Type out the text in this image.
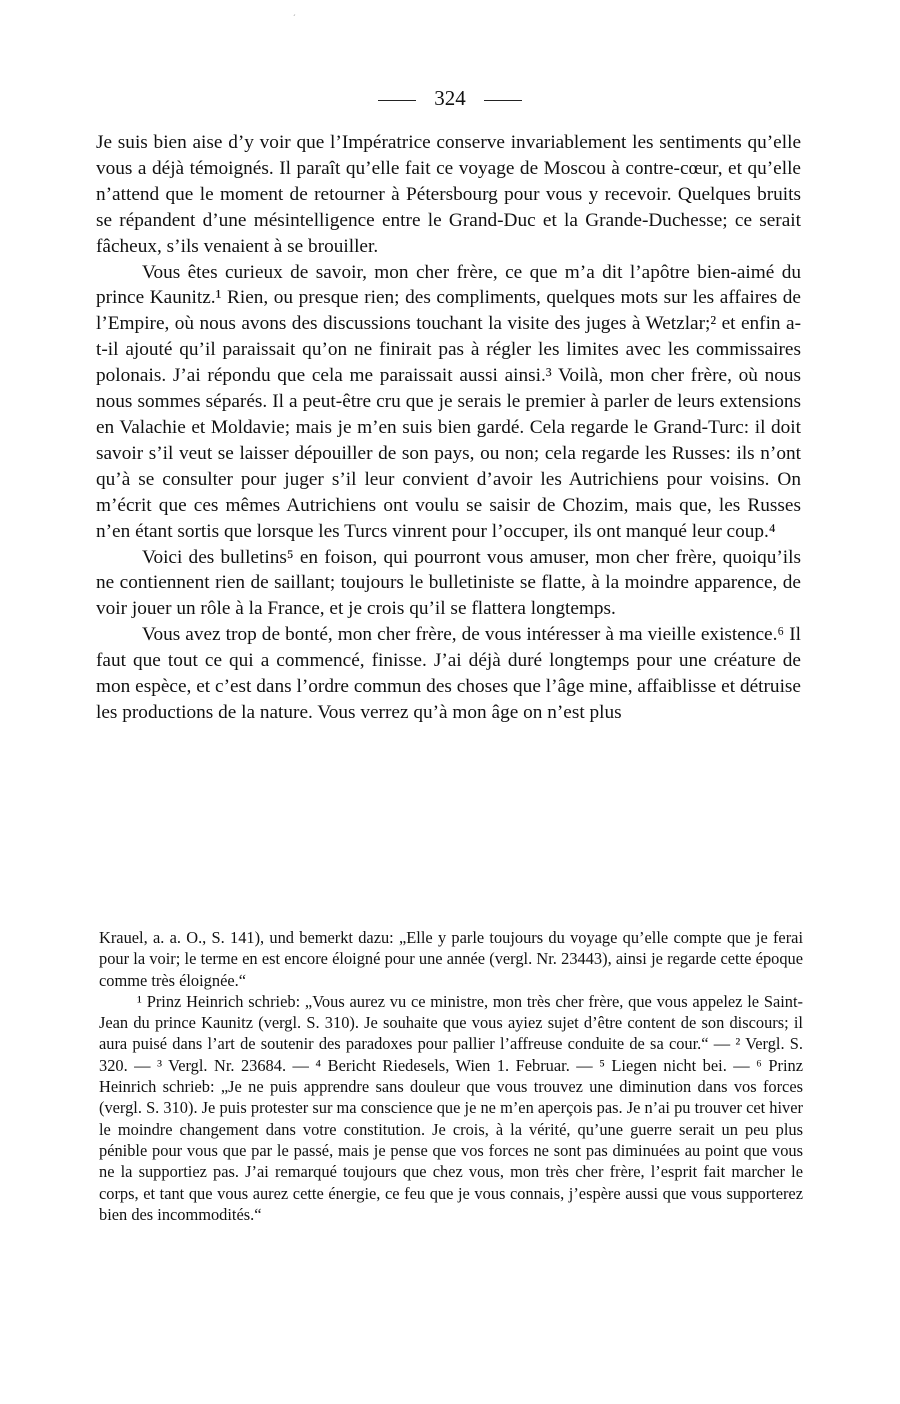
ˊ
324

Je suis bien aise d’y voir que l’Impératrice conserve invariablement les sentiments qu’elle vous a déjà témoignés. Il paraît qu’elle fait ce voyage de Moscou à contre-cœur, et qu’elle n’attend que le moment de retourner à Pétersbourg pour vous y recevoir. Quelques bruits se répandent d’une mésintelligence entre le Grand-Duc et la Grande-Duchesse; ce serait fâcheux, s’ils venaient à se brouiller.

Vous êtes curieux de savoir, mon cher frère, ce que m’a dit l’apôtre bien-aimé du prince Kaunitz.¹ Rien, ou presque rien; des compliments, quelques mots sur les affaires de l’Empire, où nous avons des discussions touchant la visite des juges à Wetzlar;² et enfin a-t-il ajouté qu’il paraissait qu’on ne finirait pas à régler les limites avec les commissaires polonais. J’ai répondu que cela me paraissait aussi ainsi.³ Voilà, mon cher frère, où nous nous sommes séparés. Il a peut-être cru que je serais le premier à parler de leurs extensions en Valachie et Moldavie; mais je m’en suis bien gardé. Cela regarde le Grand-Turc: il doit savoir s’il veut se laisser dépouiller de son pays, ou non; cela regarde les Russes: ils n’ont qu’à se consulter pour juger s’il leur convient d’avoir les Autrichiens pour voisins. On m’écrit que ces mêmes Autrichiens ont voulu se saisir de Chozim, mais que, les Russes n’en étant sortis que lorsque les Turcs vinrent pour l’occuper, ils ont manqué leur coup.⁴

Voici des bulletins⁵ en foison, qui pourront vous amuser, mon cher frère, quoiqu’ils ne contiennent rien de saillant; toujours le bulletiniste se flatte, à la moindre apparence, de voir jouer un rôle à la France, et je crois qu’il se flattera longtemps.

Vous avez trop de bonté, mon cher frère, de vous intéresser à ma vieille existence.⁶ Il faut que tout ce qui a commencé, finisse. J’ai déjà duré longtemps pour une créature de mon espèce, et c’est dans l’ordre commun des choses que l’âge mine, affaiblisse et détruise les productions de la nature. Vous verrez qu’à mon âge on n’est plus

Krauel, a. a. O., S. 141), und bemerkt dazu: „Elle y parle toujours du voyage qu’elle compte que je ferai pour la voir; le terme en est encore éloigné pour une année (vergl. Nr. 23443), ainsi je regarde cette époque comme très éloignée.“

¹ Prinz Heinrich schrieb: „Vous aurez vu ce ministre, mon très cher frère, que vous appelez le Saint-Jean du prince Kaunitz (vergl. S. 310). Je souhaite que vous ayiez sujet d’être content de son discours; il aura puisé dans l’art de soutenir des paradoxes pour pallier l’affreuse conduite de sa cour.“ — ² Vergl. S. 320. — ³ Vergl. Nr. 23684. — ⁴ Bericht Riedesels, Wien 1. Februar. — ⁵ Liegen nicht bei. — ⁶ Prinz Heinrich schrieb: „Je ne puis apprendre sans douleur que vous trouvez une diminution dans vos forces (vergl. S. 310). Je puis protester sur ma conscience que je ne m’en aperçois pas. Je n’ai pu trouver cet hiver le moindre changement dans votre constitution. Je crois, à la vérité, qu’une guerre serait un peu plus pénible pour vous que par le passé, mais je pense que vos forces ne sont pas diminuées au point que vous ne la supportiez pas. J’ai remarqué toujours que chez vous, mon très cher frère, l’esprit fait marcher le corps, et tant que vous aurez cette énergie, ce feu que je vous connais, j’espère aussi que vous supporterez bien des incommodités.“
